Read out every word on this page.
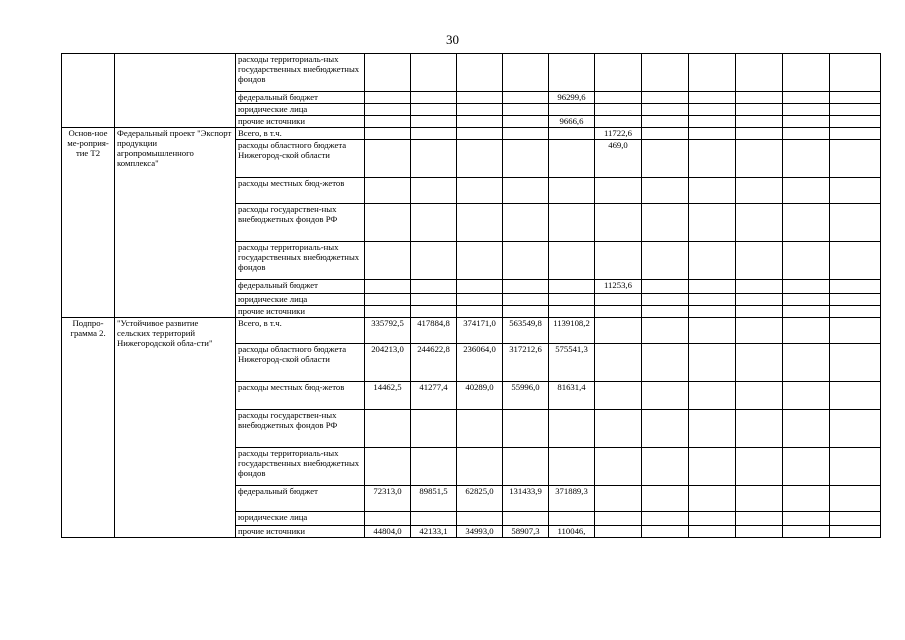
30
		расходы территориаль-ных государственных внебюджетных фондов											
		федеральный бюджет					96299,6						
		юридические лица											
		прочие источники					9666,6						
Основ-ное ме-роприя-тие Т2	Федеральный проект "Экспорт продукции агропромышленного комплекса"	Всего, в т.ч.						11722,6					
		расходы областного бюджета Нижегород-ской области						469,0					
		расходы местных бюд-жетов											
		расходы государствен-ных внебюджетных фондов РФ											
		расходы территориаль-ных государственных внебюджетных фондов											
		федеральный бюджет						11253,6					
		юридические лица											
		прочие источники											
Подпро-грамма 2.	"Устойчивое развитие сельских территорий Нижегородской обла-сти"	Всего, в т.ч.	335792,5	417884,8	374171,0	563549,8	1139108,2						
		расходы областного бюджета Нижегород-ской области	204213,0	244622,8	236064,0	317212,6	575541,3						
		расходы местных бюд-жетов	14462,5	41277,4	40289,0	55996,0	81631,4						
		расходы государствен-ных внебюджетных фондов РФ											
		расходы территориаль-ных государственных внебюджетных фондов											
		федеральный бюджет	72313,0	89851,5	62825,0	131433,9	371889,3						
		юридические лица											
		прочие источники	44804,0	42133,1	34993,0	58907,3	110046,						
